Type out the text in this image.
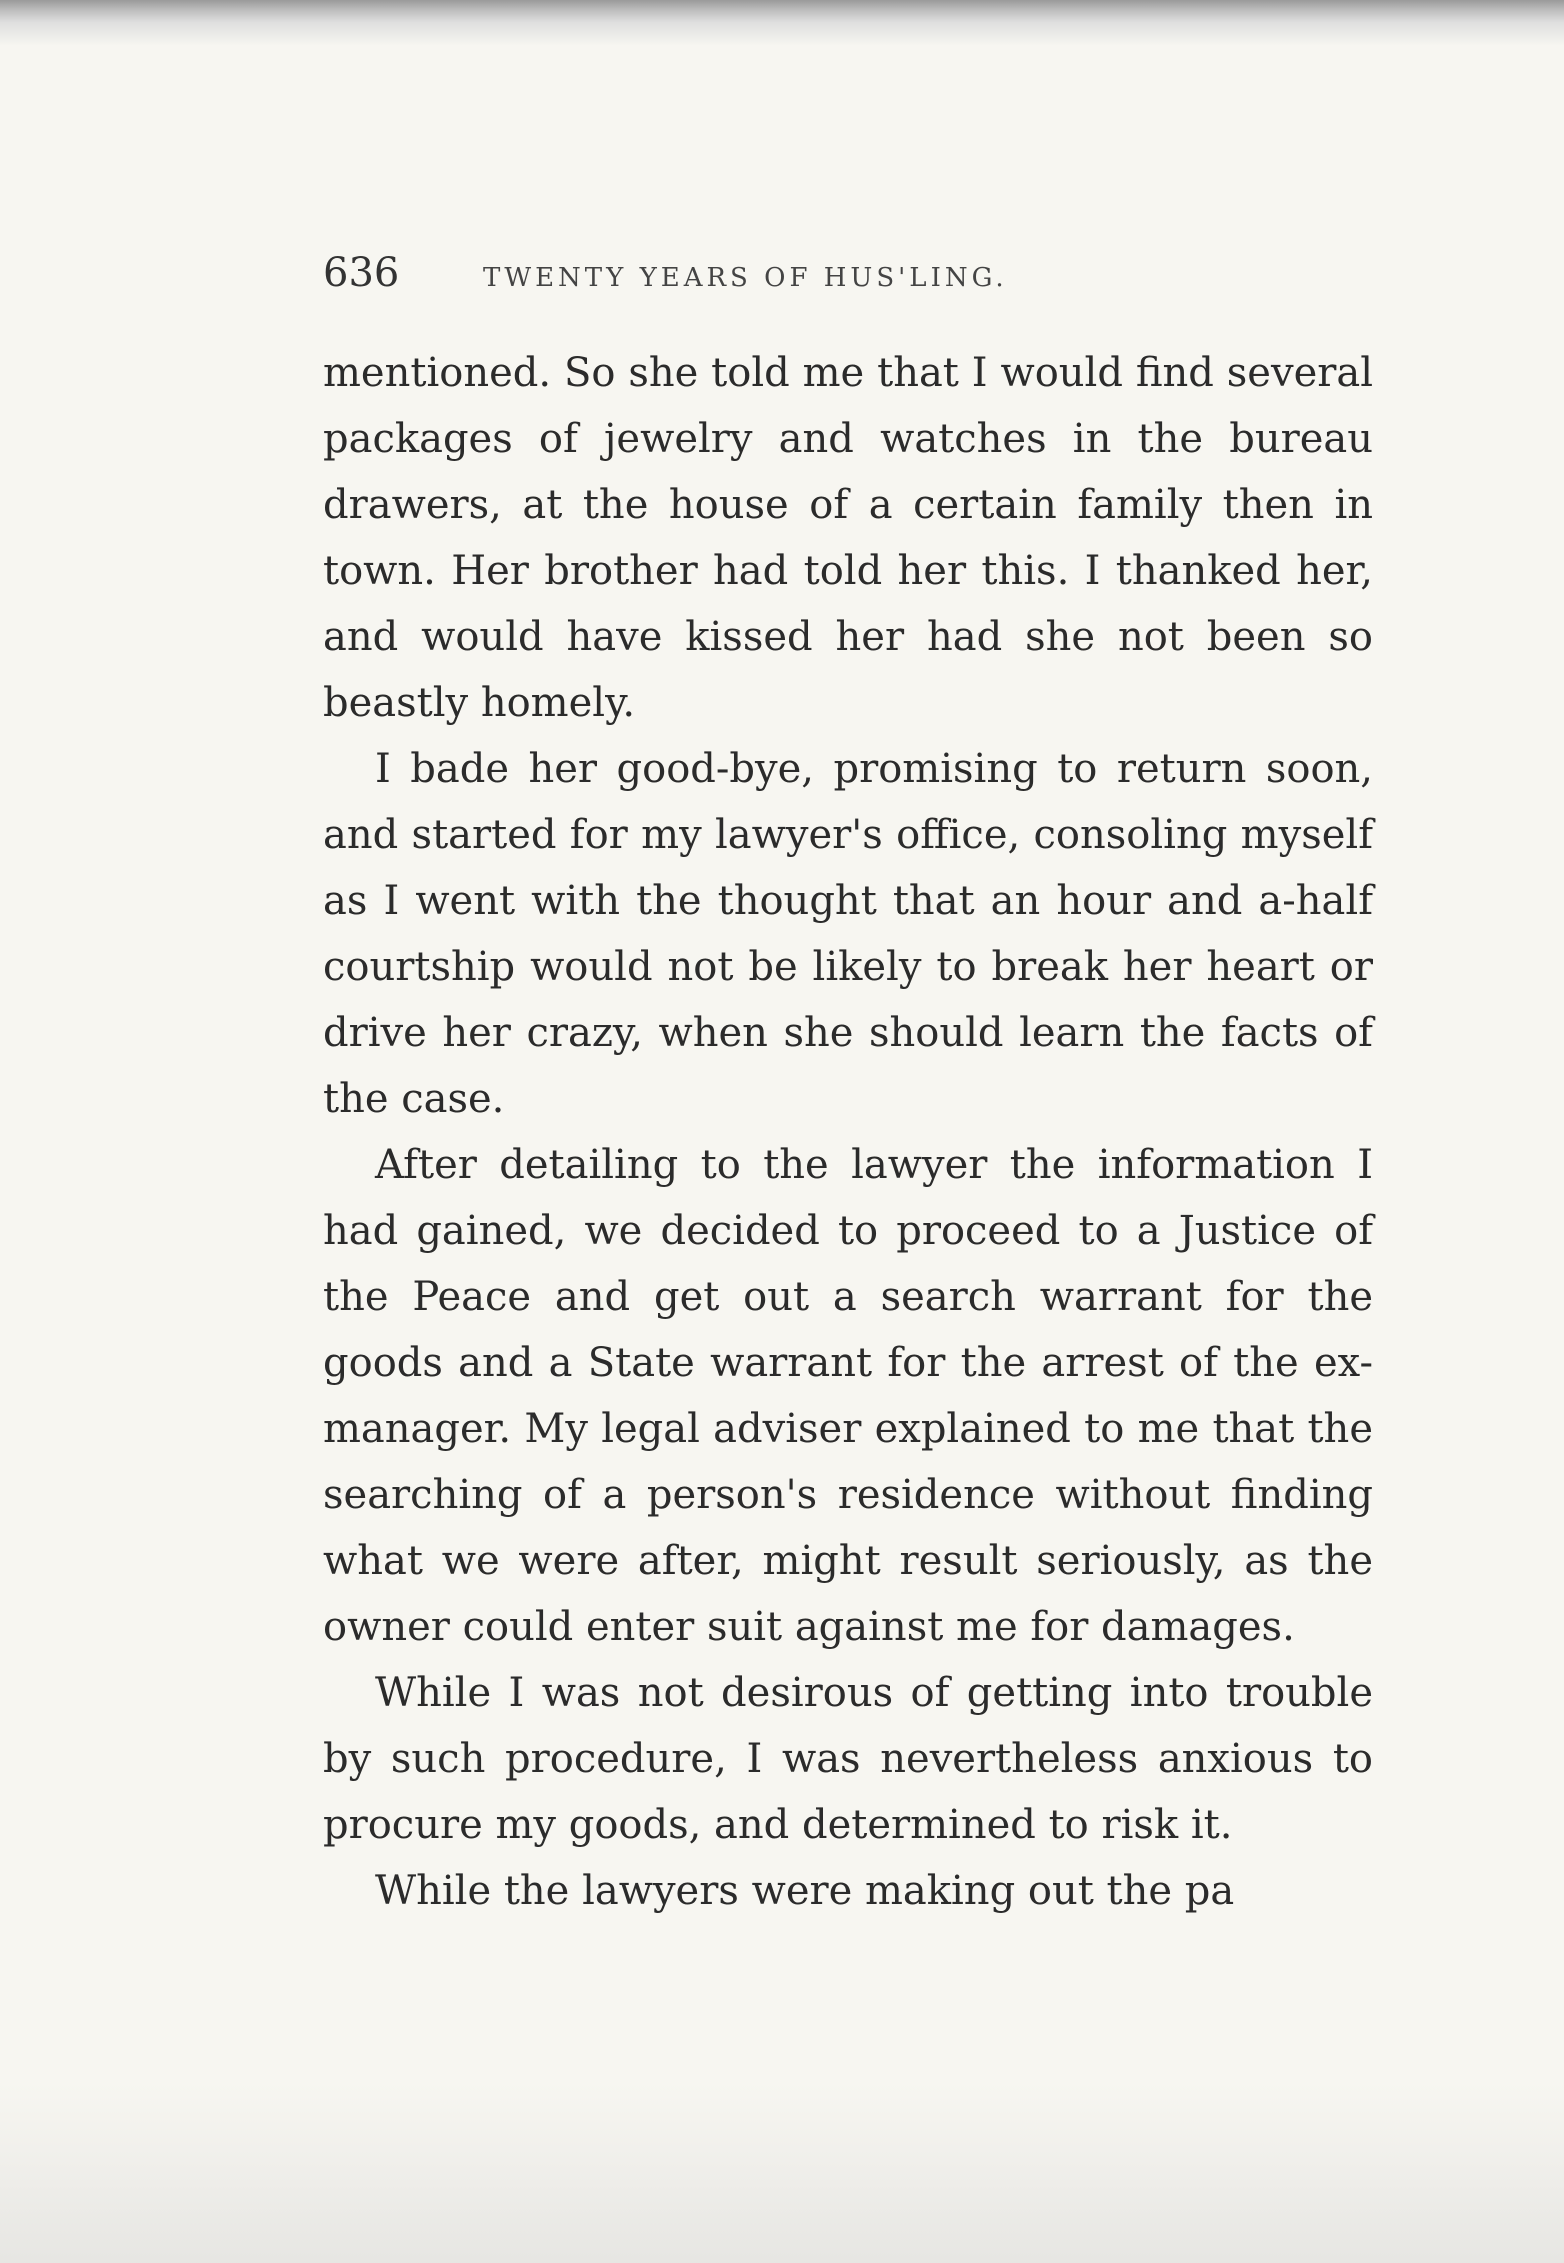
636	TWENTY YEARS OF HUS'LING.

mentioned. So she told me that I would find several packages of jewelry and watches in the bureau drawers, at the house of a certain family then in town. Her brother had told her this. I thanked her, and would have kissed her had she not been so beastly homely.

I bade her good-bye, promising to return soon, and started for my lawyer's office, consoling myself as I went with the thought that an hour and a-half courtship would not be likely to break her heart or drive her crazy, when she should learn the facts of the case.

After detailing to the lawyer the information I had gained, we decided to proceed to a Justice of the Peace and get out a search warrant for the goods and a State warrant for the arrest of the ex-manager. My legal adviser explained to me that the searching of a person's residence without finding what we were after, might result seriously, as the owner could enter suit against me for damages.

While I was not desirous of getting into trouble by such procedure, I was nevertheless anxious to procure my goods, and determined to risk it.

While the lawyers were making out the pa
